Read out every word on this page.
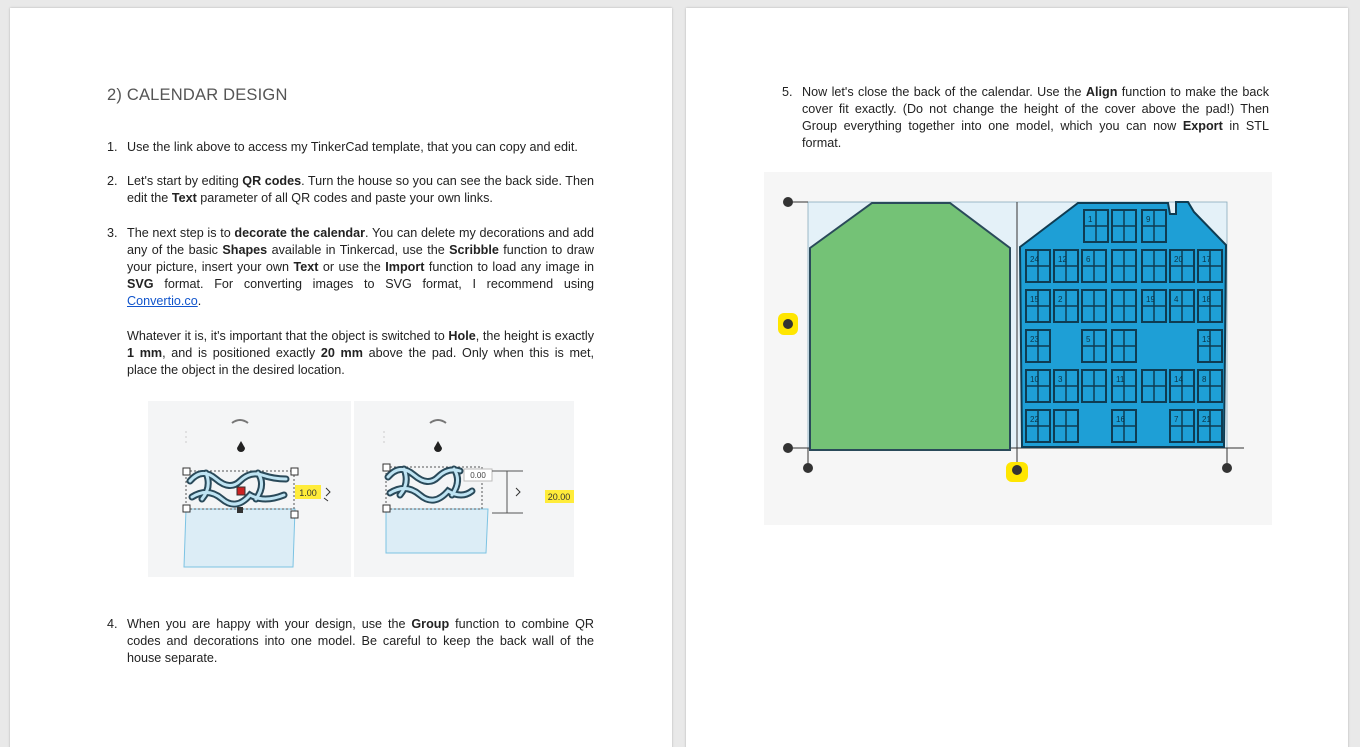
2) CALENDAR DESIGN
1. Use the link above to access my TinkerCad template, that you can copy and edit.
2. Let's start by editing QR codes. Turn the house so you can see the back side. Then edit the Text parameter of all QR codes and paste your own links.
3. The next step is to decorate the calendar. You can delete my decorations and add any of the basic Shapes available in Tinkercad, use the Scribble function to draw your picture, insert your own Text or use the Import function to load any image in SVG format. For converting images to SVG format, I recommend using Convertio.co.
Whatever it is, it's important that the object is switched to Hole, the height is exactly 1 mm, and is positioned exactly 20 mm above the pad. Only when this is met, place the object in the desired location.
1.00
0.00
20.00
4. When you are happy with your design, use the Group function to combine QR codes and decorations into one model. Be careful to keep the back wall of the house separate.
5. Now let's close the back of the calendar. Use the Align function to make the back cover fit exactly. (Do not change the height of the cover above the pad!) Then Group everything together into one model, which you can now Export in STL format.
1	9
12 6	17
24	20
2
15	19 4
23	5	13
3	8
11	14
18
10
22	16	7	21
